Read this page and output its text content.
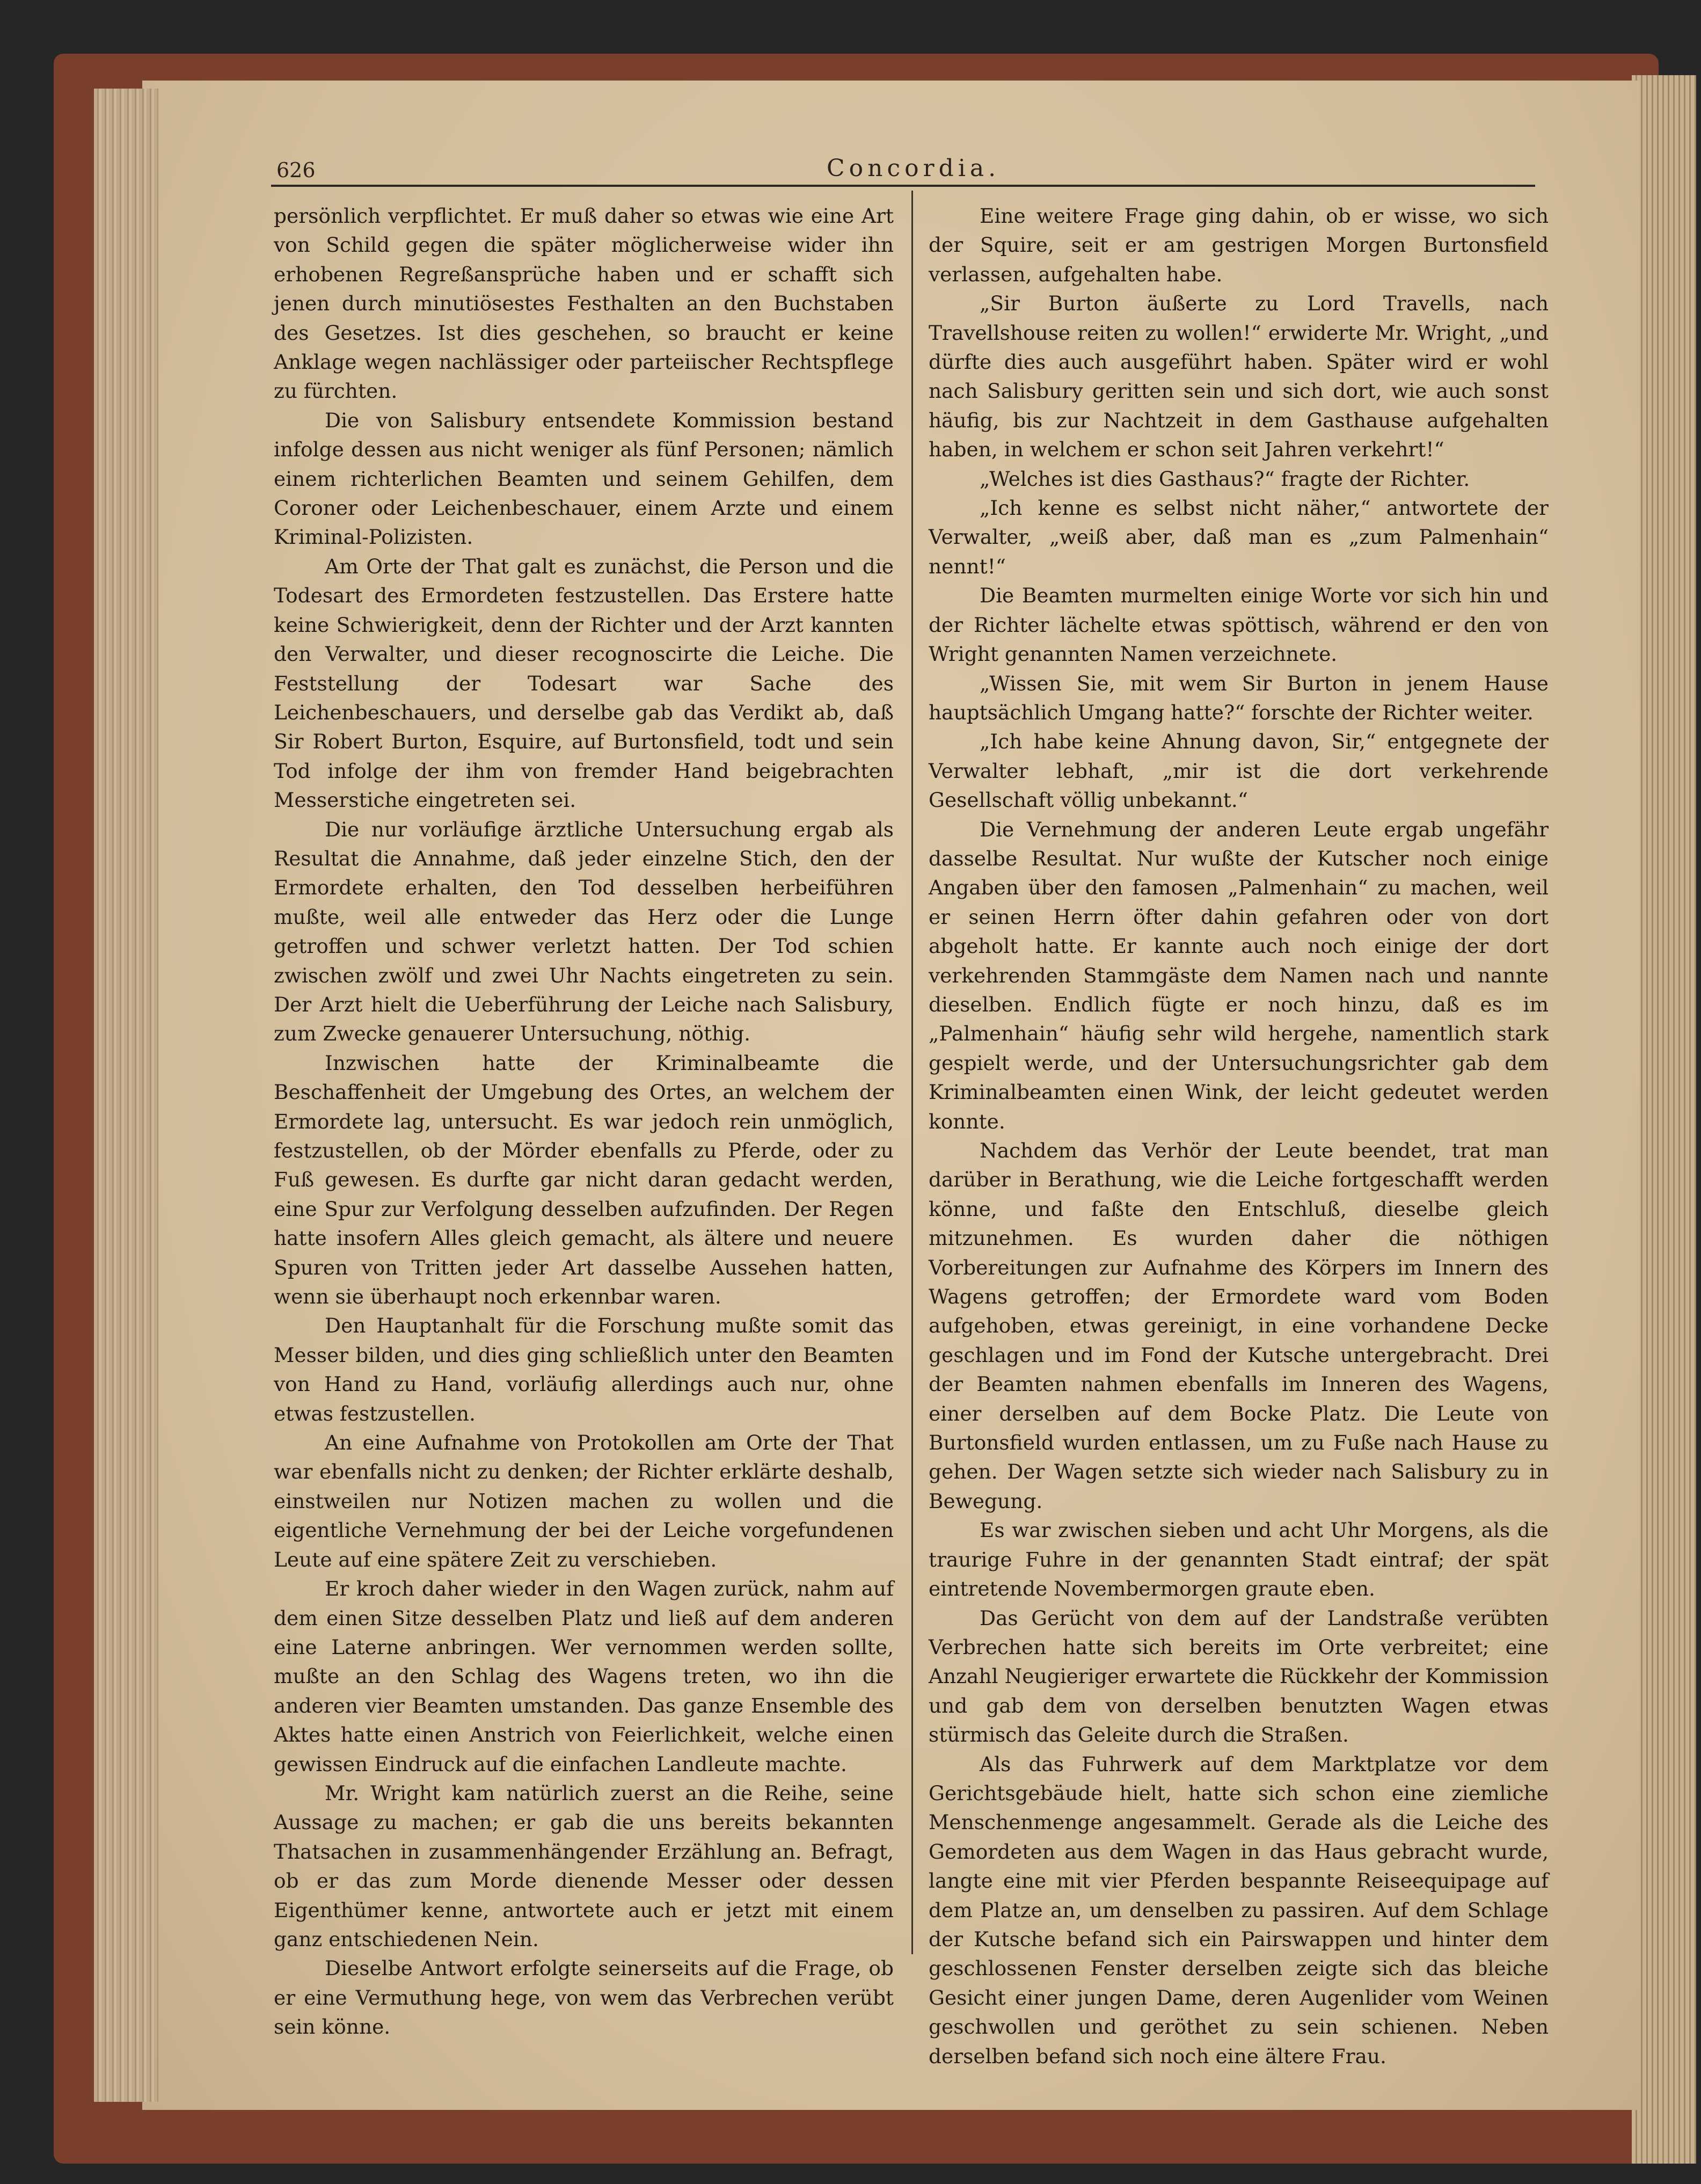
626	Concordia.

persönlich verpflichtet. Er muß daher so etwas wie eine Art von Schild gegen die später möglicherweise wider ihn erhobenen Regreßansprüche haben und er schafft sich jenen durch minutiösestes Festhalten an den Buchstaben des Gesetzes. Ist dies geschehen, so braucht er keine Anklage wegen nachlässiger oder parteiischer Rechtspflege zu fürchten.

Die von Salisbury entsendete Kommission bestand infolge dessen aus nicht weniger als fünf Personen; nämlich einem richterlichen Beamten und seinem Gehilfen, dem Coroner oder Leichenbeschauer, einem Arzte und einem Kriminal-Polizisten.

Am Orte der That galt es zunächst, die Person und die Todesart des Ermordeten festzustellen. Das Erstere hatte keine Schwierigkeit, denn der Richter und der Arzt kannten den Verwalter, und dieser recognoscirte die Leiche. Die Feststellung der Todesart war Sache des Leichenbeschauers, und derselbe gab das Verdikt ab, daß Sir Robert Burton, Esquire, auf Burtonsfield, todt und sein Tod infolge der ihm von fremder Hand beigebrachten Messerstiche eingetreten sei.

Die nur vorläufige ärztliche Untersuchung ergab als Resultat die Annahme, daß jeder einzelne Stich, den der Ermordete erhalten, den Tod desselben herbeiführen mußte, weil alle entweder das Herz oder die Lunge getroffen und schwer verletzt hatten. Der Tod schien zwischen zwölf und zwei Uhr Nachts eingetreten zu sein. Der Arzt hielt die Ueberführung der Leiche nach Salisbury, zum Zwecke genauerer Untersuchung, nöthig.

Inzwischen hatte der Kriminalbeamte die Beschaffenheit der Umgebung des Ortes, an welchem der Ermordete lag, untersucht. Es war jedoch rein unmöglich, festzustellen, ob der Mörder ebenfalls zu Pferde, oder zu Fuß gewesen. Es durfte gar nicht daran gedacht werden, eine Spur zur Verfolgung desselben aufzufinden. Der Regen hatte insofern Alles gleich gemacht, als ältere und neuere Spuren von Tritten jeder Art dasselbe Aussehen hatten, wenn sie überhaupt noch erkennbar waren.

Den Hauptanhalt für die Forschung mußte somit das Messer bilden, und dies ging schließlich unter den Beamten von Hand zu Hand, vorläufig allerdings auch nur, ohne etwas festzustellen.

An eine Aufnahme von Protokollen am Orte der That war ebenfalls nicht zu denken; der Richter erklärte deshalb, einstweilen nur Notizen machen zu wollen und die eigentliche Vernehmung der bei der Leiche vorgefundenen Leute auf eine spätere Zeit zu verschieben.

Er kroch daher wieder in den Wagen zurück, nahm auf dem einen Sitze desselben Platz und ließ auf dem anderen eine Laterne anbringen. Wer vernommen werden sollte, mußte an den Schlag des Wagens treten, wo ihn die anderen vier Beamten umstanden. Das ganze Ensemble des Aktes hatte einen Anstrich von Feierlichkeit, welche einen gewissen Eindruck auf die einfachen Landleute machte.

Mr. Wright kam natürlich zuerst an die Reihe, seine Aussage zu machen; er gab die uns bereits bekannten Thatsachen in zusammenhängender Erzählung an. Befragt, ob er das zum Morde dienende Messer oder dessen Eigenthümer kenne, antwortete auch er jetzt mit einem ganz entschiedenen Nein.

Dieselbe Antwort erfolgte seinerseits auf die Frage, ob er eine Vermuthung hege, von wem das Verbrechen verübt sein könne.

Eine weitere Frage ging dahin, ob er wisse, wo sich der Squire, seit er am gestrigen Morgen Burtonsfield verlassen, aufgehalten habe.

„Sir Burton äußerte zu Lord Travells, nach Travellshouse reiten zu wollen!“ erwiderte Mr. Wright, „und dürfte dies auch ausgeführt haben. Später wird er wohl nach Salisbury geritten sein und sich dort, wie auch sonst häufig, bis zur Nachtzeit in dem Gasthause aufgehalten haben, in welchem er schon seit Jahren verkehrt!“

„Welches ist dies Gasthaus?“ fragte der Richter.

„Ich kenne es selbst nicht näher,“ antwortete der Verwalter, „weiß aber, daß man es „zum Palmenhain“ nennt!“

Die Beamten murmelten einige Worte vor sich hin und der Richter lächelte etwas spöttisch, während er den von Wright genannten Namen verzeichnete.

„Wissen Sie, mit wem Sir Burton in jenem Hause hauptsächlich Umgang hatte?“ forschte der Richter weiter.

„Ich habe keine Ahnung davon, Sir,“ entgegnete der Verwalter lebhaft, „mir ist die dort verkehrende Gesellschaft völlig unbekannt.“

Die Vernehmung der anderen Leute ergab ungefähr dasselbe Resultat. Nur wußte der Kutscher noch einige Angaben über den famosen „Palmenhain“ zu machen, weil er seinen Herrn öfter dahin gefahren oder von dort abgeholt hatte. Er kannte auch noch einige der dort verkehrenden Stammgäste dem Namen nach und nannte dieselben. Endlich fügte er noch hinzu, daß es im „Palmenhain“ häufig sehr wild hergehe, namentlich stark gespielt werde, und der Untersuchungsrichter gab dem Kriminalbeamten einen Wink, der leicht gedeutet werden konnte.

Nachdem das Verhör der Leute beendet, trat man darüber in Berathung, wie die Leiche fortgeschafft werden könne, und faßte den Entschluß, dieselbe gleich mitzunehmen. Es wurden daher die nöthigen Vorbereitungen zur Aufnahme des Körpers im Innern des Wagens getroffen; der Ermordete ward vom Boden aufgehoben, etwas gereinigt, in eine vorhandene Decke geschlagen und im Fond der Kutsche untergebracht. Drei der Beamten nahmen ebenfalls im Inneren des Wagens, einer derselben auf dem Bocke Platz. Die Leute von Burtonsfield wurden entlassen, um zu Fuße nach Hause zu gehen. Der Wagen setzte sich wieder nach Salisbury zu in Bewegung.

Es war zwischen sieben und acht Uhr Morgens, als die traurige Fuhre in der genannten Stadt eintraf; der spät eintretende Novembermorgen graute eben.

Das Gerücht von dem auf der Landstraße verübten Verbrechen hatte sich bereits im Orte verbreitet; eine Anzahl Neugieriger erwartete die Rückkehr der Kommission und gab dem von derselben benutzten Wagen etwas stürmisch das Geleite durch die Straßen.

Als das Fuhrwerk auf dem Marktplatze vor dem Gerichtsgebäude hielt, hatte sich schon eine ziemliche Menschenmenge angesammelt. Gerade als die Leiche des Gemordeten aus dem Wagen in das Haus gebracht wurde, langte eine mit vier Pferden bespannte Reiseequipage auf dem Platze an, um denselben zu passiren. Auf dem Schlage der Kutsche befand sich ein Pairswappen und hinter dem geschlossenen Fenster derselben zeigte sich das bleiche Gesicht einer jungen Dame, deren Augenlider vom Weinen geschwollen und geröthet zu sein schienen. Neben derselben befand sich noch eine ältere Frau.
